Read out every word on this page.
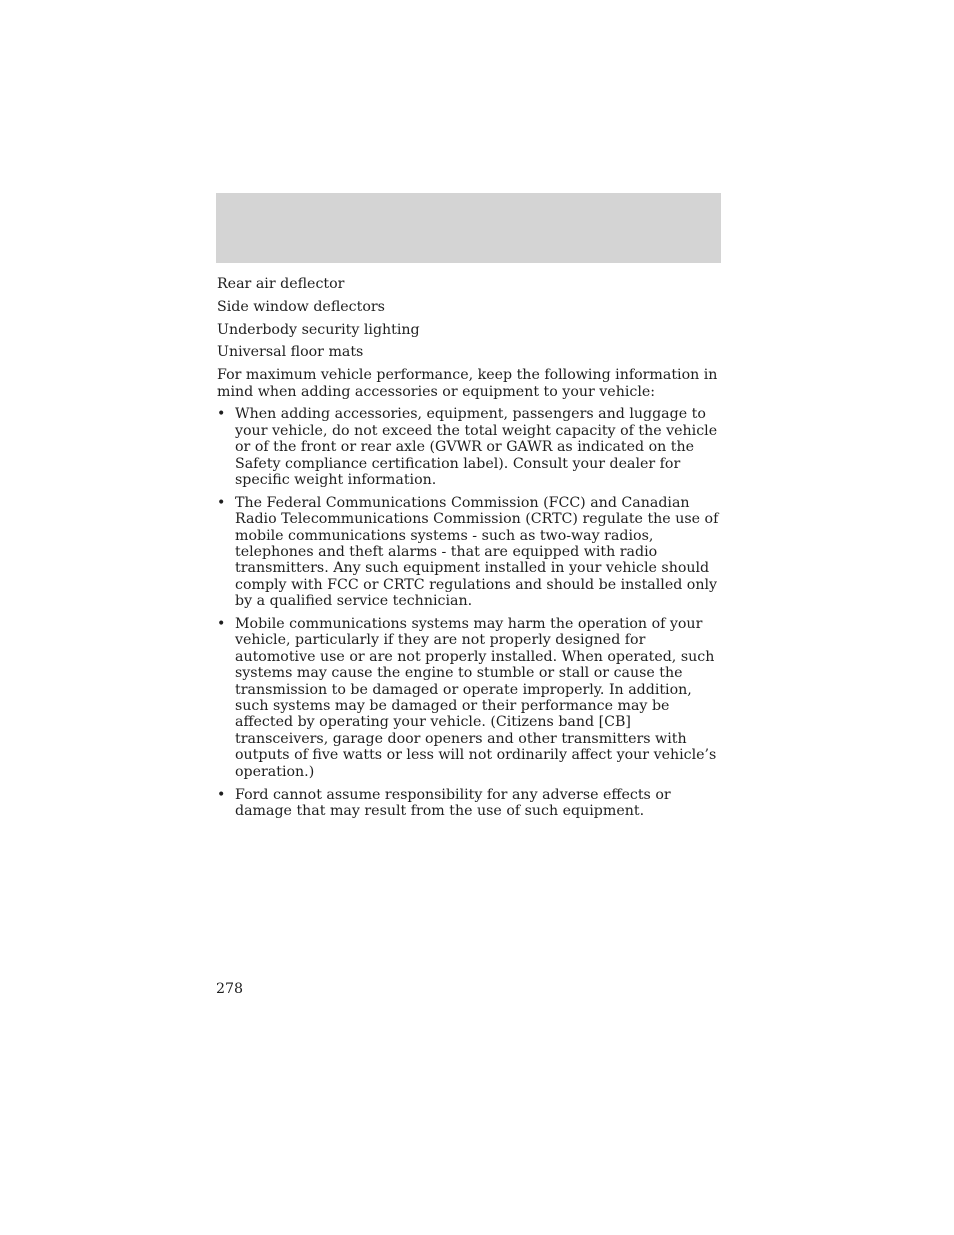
Rear air deflector
Side window deflectors
Underbody security lighting
Universal floor mats
For maximum vehicle performance, keep the following information in mind when adding accessories or equipment to your vehicle:
• When adding accessories, equipment, passengers and luggage to your vehicle, do not exceed the total weight capacity of the vehicle or of the front or rear axle (GVWR or GAWR as indicated on the Safety compliance certification label). Consult your dealer for specific weight information.
• The Federal Communications Commission (FCC) and Canadian Radio Telecommunications Commission (CRTC) regulate the use of mobile communications systems - such as two-way radios, telephones and theft alarms - that are equipped with radio transmitters. Any such equipment installed in your vehicle should comply with FCC or CRTC regulations and should be installed only by a qualified service technician.
• Mobile communications systems may harm the operation of your vehicle, particularly if they are not properly designed for automotive use or are not properly installed. When operated, such systems may cause the engine to stumble or stall or cause the transmission to be damaged or operate improperly. In addition, such systems may be damaged or their performance may be affected by operating your vehicle. (Citizens band [CB] transceivers, garage door openers and other transmitters with outputs of five watts or less will not ordinarily affect your vehicle’s operation.)
• Ford cannot assume responsibility for any adverse effects or damage that may result from the use of such equipment.
278
